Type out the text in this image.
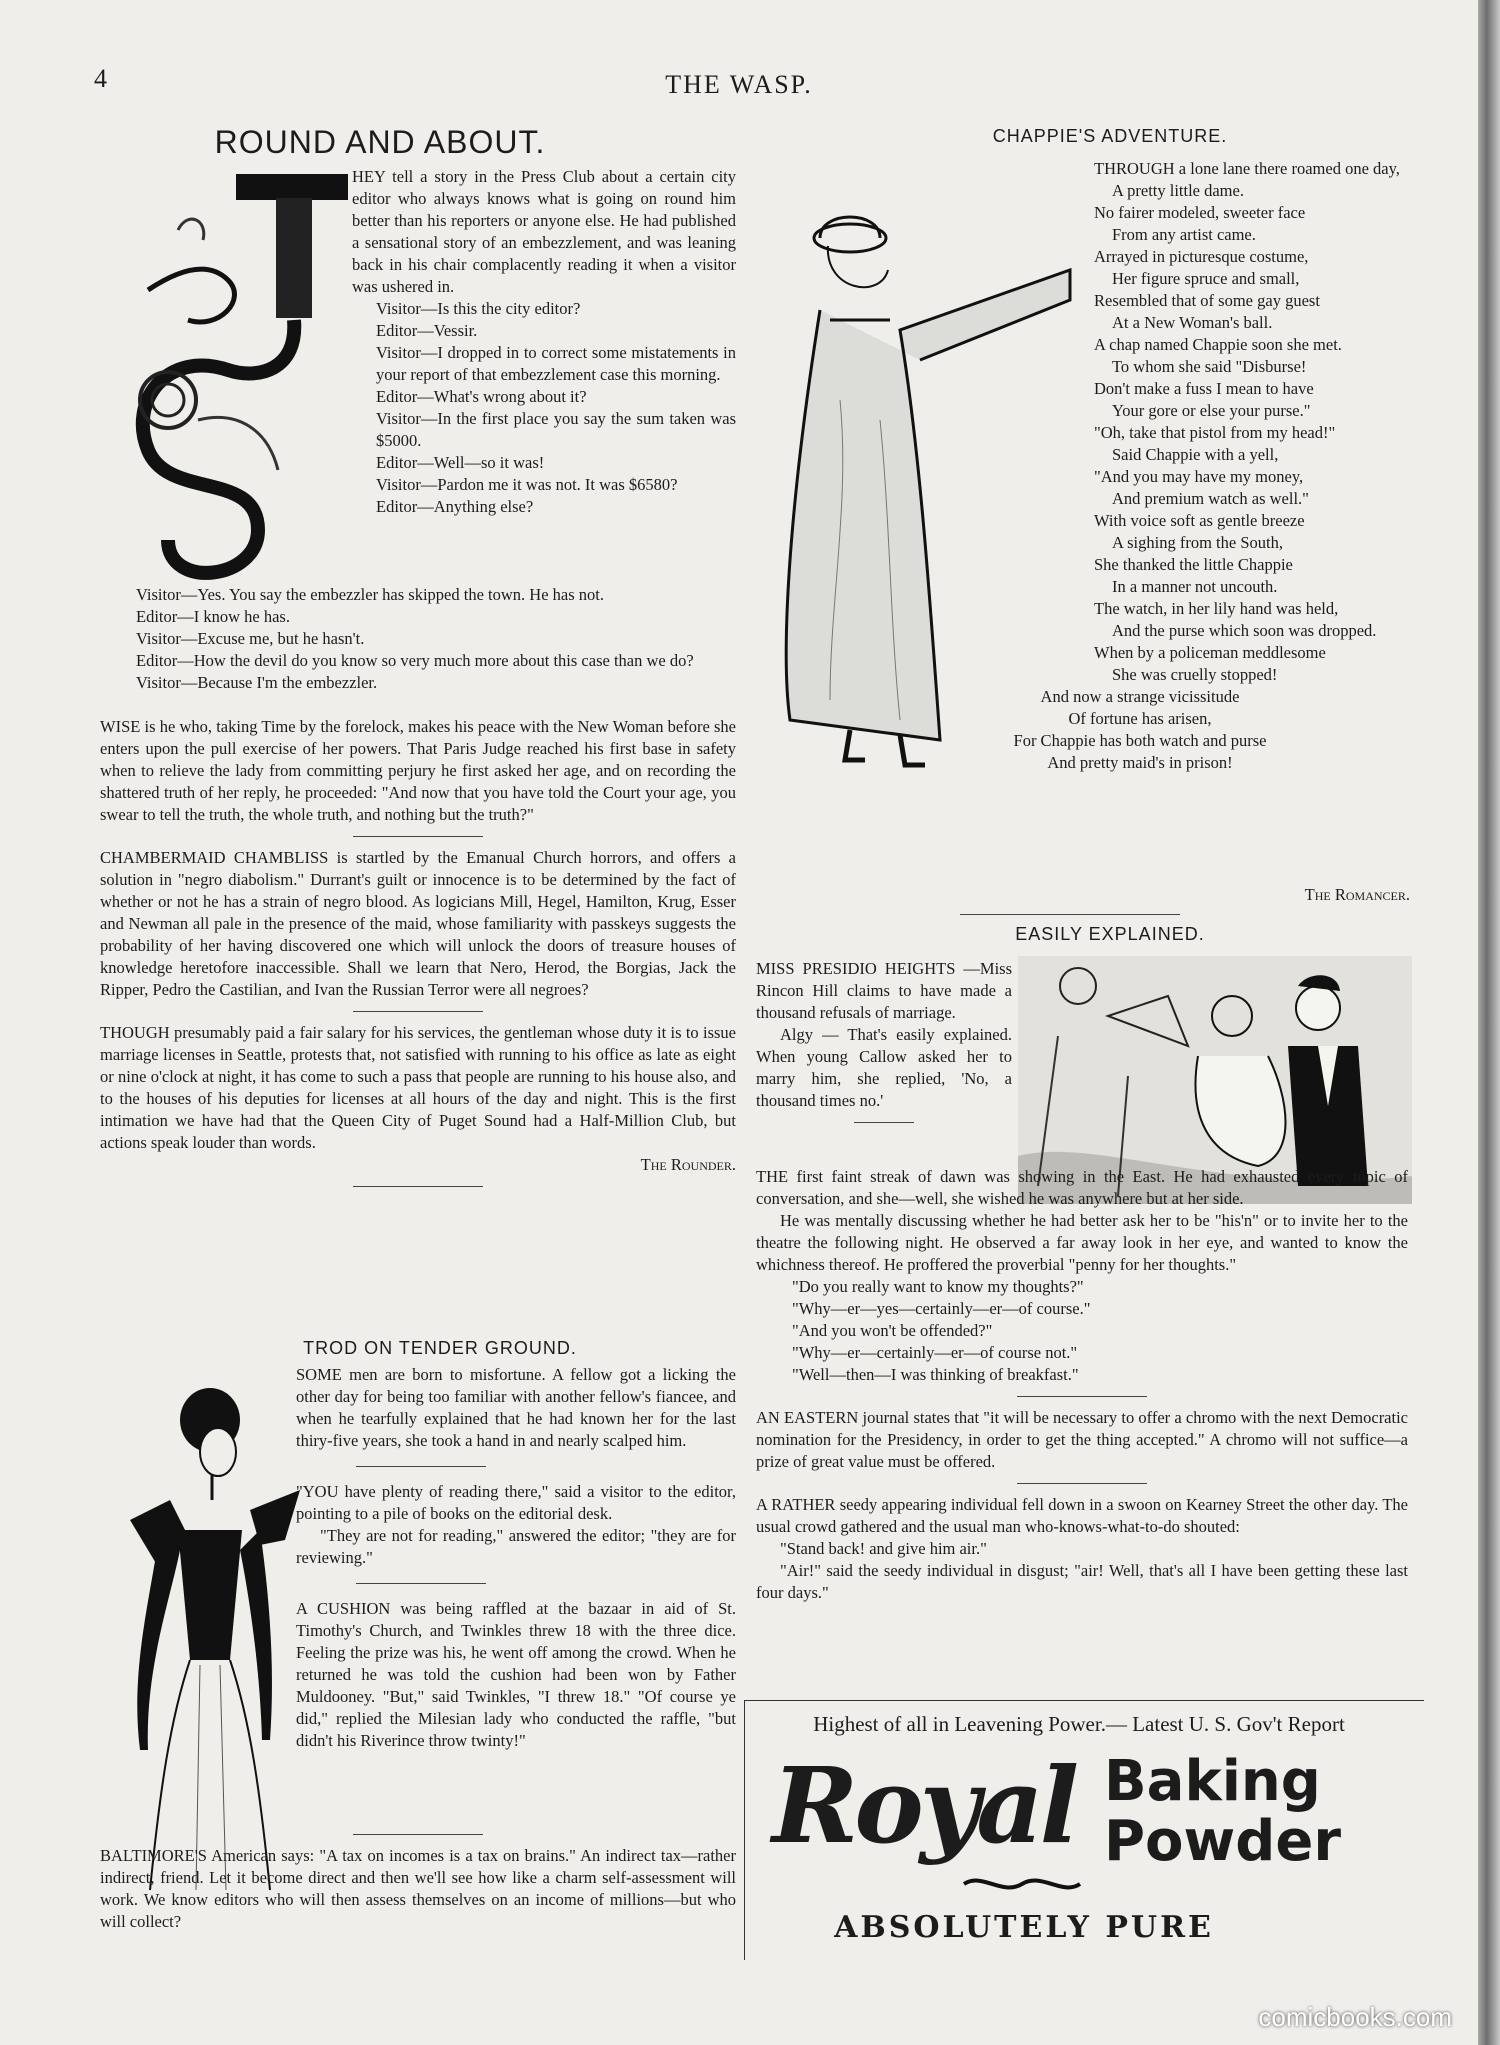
4	THE WASP.
ROUND AND ABOUT.

HEY tell a story in the Press Club about a certain city editor who always knows what is going on round him better than his reporters or anyone else. He had published a sensational story of an embezzlement, and was leaning back in his chair complacently reading it when a visitor was ushered in.

Visitor—Is this the city editor?
Editor—Vessir.
Visitor—I dropped in to correct some mistatements in your report of that embezzlement case this morning.
Editor—What's wrong about it?
Visitor—In the first place you say the sum taken was $5000.
Editor—Well—so it was!
Visitor—Pardon me it was not. It was $6580?
Editor—Anything else?
Visitor—Yes. You say the embezzler has skipped the town. He has not.
Editor—I know he has.
Visitor—Excuse me, but he hasn't.
Editor—How the devil do you know so very much more about this case than we do?
Visitor—Because I'm the embezzler.

WISE is he who, taking Time by the forelock, makes his peace with the New Woman before she enters upon the pull exercise of her powers. That Paris Judge reached his first base in safety when to relieve the lady from committing perjury he first asked her age, and on recording the shattered truth of her reply, he proceeded: "And now that you have told the Court your age, you swear to tell the truth, the whole truth, and nothing but the truth?"

CHAMBERMAID CHAMBLISS is startled by the Emanual Church horrors, and offers a solution in "negro diabolism." Durrant's guilt or innocence is to be determined by the fact of whether or not he has a strain of negro blood. As logicians Mill, Hegel, Hamilton, Krug, Esser and Newman all pale in the presence of the maid, whose familiarity with passkeys suggests the probability of her having discovered one which will unlock the doors of treasure houses of knowledge heretofore inaccessible. Shall we learn that Nero, Herod, the Borgias, Jack the Ripper, Pedro the Castilian, and Ivan the Russian Terror were all negroes?

THOUGH presumably paid a fair salary for his services, the gentleman whose duty it is to issue marriage licenses in Seattle, protests that, not satisfied with running to his office as late as eight or nine o'clock at night, it has come to such a pass that people are running to his house also, and to the houses of his deputies for licenses at all hours of the day and night. This is the first intimation we have had that the Queen City of Puget Sound had a Half-Million Club, but actions speak louder than words.

The Rounder.
TROD ON TENDER GROUND.

SOME men are born to misfortune. A fellow got a licking the other day for being too familiar with another fellow's fiancee, and when he tearfully explained that he had known her for the last thiry-five years, she took a hand in and nearly scalped him.

"YOU have plenty of reading there," said a visitor to the editor, pointing to a pile of books on the editorial desk.

"They are not for reading," answered the editor; "they are for reviewing."

A CUSHION was being raffled at the bazaar in aid of St. Timothy's Church, and Twinkles threw 18 with the three dice. Feeling the prize was his, he went off among the crowd. When he returned he was told the cushion had been won by Father Muldooney. "But," said Twinkles, "I threw 18." "Of course ye did," replied the Milesian lady who conducted the raffle, "but didn't his Riverince throw twinty!"

BALTIMORE'S American says: "A tax on incomes is a tax on brains." An indirect tax—rather indirect, friend. Let it become direct and then we'll see how like a charm self-assessment will work. We know editors who will then assess themselves on an income of millions—but who will collect?

CHAPPIE'S ADVENTURE.
THROUGH a lone lane there roamed one day,
A pretty little dame.
No fairer modeled, sweeter face
From any artist came.
Arrayed in picturesque costume,
Her figure spruce and small,
Resembled that of some gay guest
At a New Woman's ball.
A chap named Chappie soon she met.
To whom she said "Disburse!
Don't make a fuss I mean to have
Your gore or else your purse."
"Oh, take that pistol from my head!"
Said Chappie with a yell,
"And you may have my money,
And premium watch as well."
With voice soft as gentle breeze
A sighing from the South,
She thanked the little Chappie
In a manner not uncouth.
The watch, in her lily hand was held,
And the purse which soon was dropped.
When by a policeman meddlesome
She was cruelly stopped!
And now a strange vicissitude
Of fortune has arisen,
For Chappie has both watch and purse
And pretty maid's in prison!
The Romancer.
EASILY EXPLAINED.

MISS PRESIDIO HEIGHTS —Miss Rincon Hill claims to have made a thousand refusals of marriage.

Algy — That's easily explained. When young Callow asked her to marry him, she replied, 'No, a thousand times no.'

THE first faint streak of dawn was showing in the East. He had exhausted every topic of conversation, and she—well, she wished he was anywhere but at her side.

He was mentally discussing whether he had better ask her to be "his'n" or to invite her to the theatre the following night. He observed a far away look in her eye, and wanted to know the whichness thereof. He proffered the proverbial "penny for her thoughts."

"Do you really want to know my thoughts?"
"Why—er—yes—certainly—er—of course."
"And you won't be offended?"
"Why—er—certainly—er—of course not."
"Well—then—I was thinking of breakfast."

AN EASTERN journal states that "it will be necessary to offer a chromo with the next Democratic nomination for the Presidency, in order to get the thing accepted." A chromo will not suffice—a prize of great value must be offered.

A RATHER seedy appearing individual fell down in a swoon on Kearney Street the other day. The usual crowd gathered and the usual man who-knows-what-to-do shouted:

"Stand back! and give him air."

"Air!" said the seedy individual in disgust; "air! Well, that's all I have been getting these last four days."

Highest of all in Leavening Power.— Latest U. S. Gov't Report
Royal Baking
Powder
ABSOLUTELY PURE
comicbooks.com
